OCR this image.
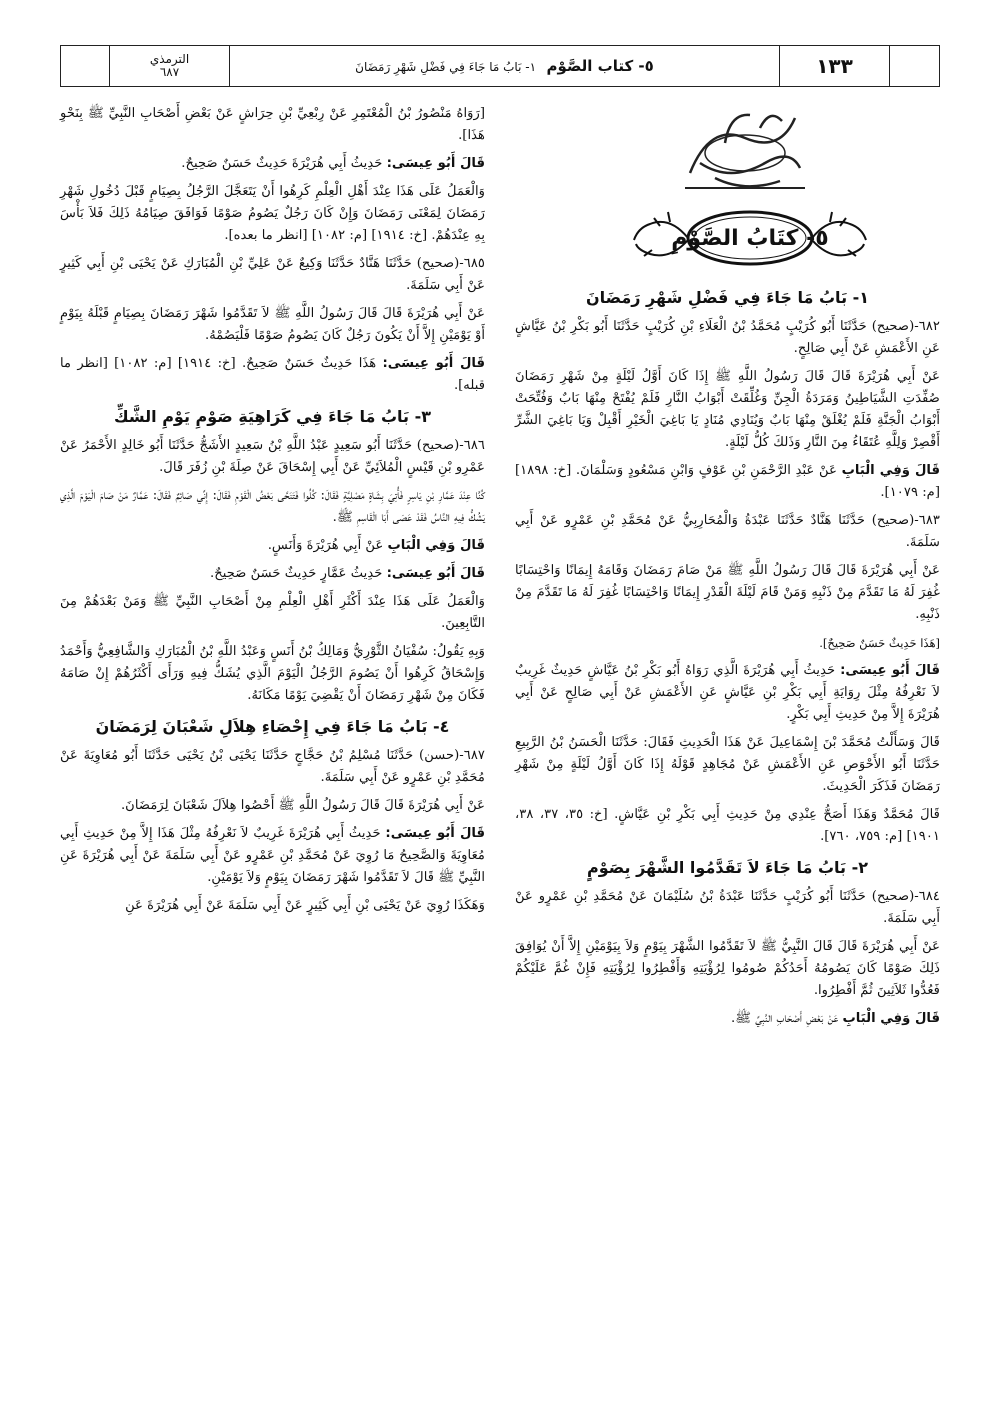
الترمذي
٦٨٧	٥- كتاب الصَّوْم  ١- بَابُ مَا جَاءَ فِي فَضْلِ شَهْرِ رَمَضَانَ	١٣٣
٥- كتَابُ الصَّوْمِ
١- بَابُ مَا جَاءَ فِي فَضْلِ شَهْرِ رَمَضَانَ

٦٨٢-(صحيح) حَدَّثَنَا أَبُو كُرَيْبٍ مُحَمَّدُ بْنُ الْعَلَاءِ بْنِ كُرَيْبٍ حَدَّثَنَا أَبُو بَكْرِ بْنُ عَيَّاشٍ عَنِ الأَعْمَشِ عَنْ أَبِي صَالِحٍ.

عَنْ أَبِي هُرَيْرَةَ قَالَ قَالَ رَسُولُ اللَّهِ ﷺ إِذَا كَانَ أَوَّلُ لَيْلَةٍ مِنْ شَهْرِ رَمَضَانَ صُفِّدَتِ الشَّيَاطِينُ وَمَرَدَةُ الْجِنِّ وَغُلِّقَتْ أَبْوَابُ النَّارِ فَلَمْ يُفْتَحْ مِنْهَا بَابٌ وَفُتِّحَتْ أَبْوَابُ الْجَنَّةِ فَلَمْ يُغْلَقْ مِنْهَا بَابٌ وَيُنَادِي مُنَادٍ يَا بَاغِيَ الْخَيْرِ أَقْبِلْ وَيَا بَاغِيَ الشَّرِّ أَقْصِرْ وَلِلَّهِ عُتَقَاءُ مِنَ النَّارِ وَذَلكَ كُلُّ لَيْلَةٍ.

قَالَ وَفِي الْبَابِ عَنْ عَبْدِ الرَّحْمَنِ بْنِ عَوْفٍ وَابْنِ مَسْعُودٍ وَسَلْمَانَ. [خ: ١٨٩٨] [م: ١٠٧٩].

٦٨٣-(صحيح) حَدَّثَنَا هَنَّادٌ حَدَّثَنَا عَبْدَةُ وَالْمُحَارِبِيُّ عَنْ مُحَمَّدِ بْنِ عَمْرٍو عَنْ أَبِي سَلَمَةَ.

عَنْ أَبِي هُرَيْرَةَ قَالَ قَالَ رَسُولُ اللَّهِ ﷺ مَنْ صَامَ رَمَضَانَ وَقَامَهُ إِيمَانًا وَاحْتِسَابًا غُفِرَ لَهُ مَا تَقَدَّمَ مِنْ ذَنْبِهِ وَمَنْ قَامَ لَيْلَةَ الْقَدْرِ إِيمَانًا وَاحْتِسَابًا غُفِرَ لَهُ مَا تَقَدَّمَ مِنْ ذَنْبِهِ.

[هَذَا حَدِيثٌ حَسَنٌ صَحِيحٌ].

قَالَ أَبُو عِيسَى: حَدِيثُ أَبِي هُرَيْرَةَ الَّذِي رَوَاهُ أَبُو بَكْرِ بْنُ عَيَّاشٍ حَدِيثٌ غَرِيبٌ لاَ نَعْرِفُهُ مِثْلَ رِوَايَةِ أَبِي بَكْرِ بْنِ عَيَّاشٍ عَنِ الأَعْمَشِ عَنْ أَبِي صَالِحٍ عَنْ أَبِي هُرَيْرَةَ إِلاَّ مِنْ حَدِيثِ أَبِي بَكْرٍ.

قَالَ وَسَأَلْتُ مُحَمَّدَ بْنَ إِسْمَاعِيلَ عَنْ هَذَا الْحَدِيثِ فَقَالَ: حَدَّثَنَا الْحَسَنُ بْنُ الرَّبِيعِ حَدَّثَنَا أَبُو الأَحْوَصِ عَنِ الأَعْمَشِ عَنْ مُجَاهِدٍ قَوْلَهُ إِذَا كَانَ أَوَّلُ لَيْلَةٍ مِنْ شَهْرِ رَمَضَانَ فَذَكَرَ الْحَدِيثَ.

قَالَ مُحَمَّدٌ وَهَذَا أَصَحُّ عِنْدِي مِنْ حَدِيثِ أَبِي بَكْرِ بْنِ عَيَّاشٍ. [خ: ٣٥، ٣٧، ٣٨، ١٩٠١] [م: ٧٥٩، ٧٦٠].

٢- بَابُ مَا جَاءَ لاَ تَقَدَّمُوا الشَّهْرَ بِصَوْمٍ

٦٨٤-(صحيح) حَدَّثَنَا أَبُو كُرَيْبٍ حَدَّثَنَا عَبْدَةُ بْنُ سُلَيْمَانَ عَنْ مُحَمَّدِ بْنِ عَمْرٍو عَنْ أَبِي سَلَمَةَ.

عَنْ أَبِي هُرَيْرَةَ قَالَ قَالَ النَّبِيُّ ﷺ لاَ تَقَدَّمُوا الشَّهْرَ بِيَوْمٍ وَلاَ بِيَوْمَيْنِ إِلاَّ أَنْ يُوَافِقَ ذَلِكَ صَوْمًا كَانَ يَصُومُهُ أَحَدُكُمْ صُومُوا لِرُؤْيَتِهِ وَأَفْطِرُوا لِرُؤْيَتِهِ فَإِنْ غُمَّ عَلَيْكُمْ فَعُدُّوا ثَلاَثِينَ ثُمَّ أَفْطِرُوا.

قَالَ وَفِي الْبَابِ عَنْ بَعْضِ أَصْحَابِ النَّبِيِّ ﷺ.

[رَوَاهُ مَنْصُورُ بْنُ الْمُعْتَمِرِ عَنْ رِبْعِيِّ بْنِ حِرَاشٍ عَنْ بَعْضِ أَصْحَابِ النَّبِيِّ ﷺ بِنَحْوِ هَذَا].

قَالَ أَبُو عِيسَى: حَدِيثُ أَبِي هُرَيْرَةَ حَدِيثٌ حَسَنٌ صَحِيحٌ.

وَالْعَمَلُ عَلَى هَذَا عِنْدَ أَهْلِ الْعِلْمِ كَرِهُوا أَنْ يَتَعَجَّلَ الرَّجُلُ بِصِيَامٍ قَبْلَ دُخُولِ شَهْرِ رَمَضَانَ لِمَعْنَى رَمَضَانَ وَإِنْ كَانَ رَجُلٌ يَصُومُ صَوْمًا فَوَافَقَ صِيَامُهُ ذَلِكَ فَلاَ بَأْسَ بِهِ عِنْدَهُمْ. [خ: ١٩١٤] [م: ١٠٨٢] [انظر ما بعده].

٦٨٥-(صحيح) حَدَّثَنَا هَنَّادٌ حَدَّثَنَا وَكِيعٌ عَنْ عَلِيِّ بْنِ الْمُبَارَكِ عَنْ يَحْيَى بْنِ أَبِي كَثِيرٍ عَنْ أَبِي سَلَمَةَ.

عَنْ أَبِي هُرَيْرَةَ قَالَ قَالَ رَسُولُ اللَّهِ ﷺ لاَ تَقَدَّمُوا شَهْرَ رَمَضَانَ بِصِيَامٍ قَبْلَهُ بِيَوْمٍ أَوْ يَوْمَيْنِ إِلاَّ أَنْ يَكُونَ رَجُلٌ كَانَ يَصُومُ صَوْمًا فَلْيَصُمْهُ.

قَالَ أَبُو عِيسَى: هَذَا حَدِيثٌ حَسَنٌ صَحِيحٌ. [خ: ١٩١٤] [م: ١٠٨٢] [انظر ما قبله].

٣- بَابُ مَا جَاءَ فِي كَرَاهِيَةِ صَوْمِ يَوْمِ الشَّكِّ

٦٨٦-(صحيح) حَدَّثَنَا أَبُو سَعِيدٍ عَبْدُ اللَّهِ بْنُ سَعِيدٍ الأَشَجُّ حَدَّثَنَا أَبُو خَالِدٍ الأَحْمَرُ عَنْ عَمْرِو بْنِ قَيْسٍ الْمُلاَئِيِّ عَنْ أَبِي إِسْحَاقَ عَنْ صِلَةَ بْنِ زُفَرَ قَالَ.

كُنَّا عِنْدَ عَمَّارِ بْنِ يَاسِرٍ فَأُتِيَ بِشَاةٍ مَصْلِيَّةٍ فَقَالَ: كُلُوا فَتَنَحَّى بَعْضُ الْقَوْمِ فَقَالَ: إِنِّي صَائِمٌ فَقَالَ: عَمَّارٌ مَنْ صَامَ الْيَوْمَ الَّذِي يَشُكُّ فِيهِ النَّاسُ فَقَدْ عَصَى أَبَا الْقَاسِمِ ﷺ.

قَالَ وَفِي الْبَابِ عَنْ أَبِي هُرَيْرَةَ وَأَنَسٍ.

قَالَ أَبُو عِيسَى: حَدِيثُ عَمَّارٍ حَدِيثٌ حَسَنٌ صَحِيحٌ.

وَالْعَمَلُ عَلَى هَذَا عِنْدَ أَكْثَرِ أَهْلِ الْعِلْمِ مِنْ أَصْحَابِ النَّبِيِّ ﷺ وَمَنْ بَعْدَهُمْ مِنَ التَّابِعِينَ.

وَبِهِ يَقُولُ: سُفْيَانُ الثَّوْرِيُّ وَمَالِكُ بْنُ أَنَسٍ وَعَبْدُ اللَّهِ بْنُ الْمُبَارَكِ وَالشَّافِعِيُّ وَأَحْمَدُ وَإِسْحَاقُ كَرِهُوا أَنْ يَصُومَ الرَّجُلُ الْيَوْمَ الَّذِي يُشَكُّ فِيهِ وَرَأَى أَكْثَرُهُمْ إِنْ صَامَهُ فَكَانَ مِنْ شَهْرِ رَمَضَانَ أَنْ يَقْضِيَ يَوْمًا مَكَانَهُ.

٤- بَابُ مَا جَاءَ فِي إِحْصَاءِ هِلاَلِ شَعْبَانَ لِرَمَضَانَ

٦٨٧-(حسن) حَدَّثَنَا مُسْلِمُ بْنُ حَجَّاجٍ حَدَّثَنَا يَحْيَى بْنُ يَحْيَى حَدَّثَنَا أَبُو مُعَاوِيَةَ عَنْ مُحَمَّدِ بْنِ عَمْرٍو عَنْ أَبِي سَلَمَةَ.

عَنْ أَبِي هُرَيْرَةَ قَالَ قَالَ رَسُولُ اللَّهِ ﷺ أَحْصُوا هِلاَلَ شَعْبَانَ لِرَمَضَانَ.

قَالَ أَبُو عِيسَى: حَدِيثُ أَبِي هُرَيْرَةَ غَرِيبٌ لاَ نَعْرِفُهُ مِثْلَ هَذَا إِلاَّ مِنْ حَدِيثِ أَبِي مُعَاوِيَةَ وَالصَّحِيحُ مَا رُوِيَ عَنْ مُحَمَّدِ بْنِ عَمْرٍو عَنْ أَبِي سَلَمَةَ عَنْ أَبِي هُرَيْرَةَ عَنِ النَّبِيِّ ﷺ قَالَ لاَ تَقَدَّمُوا شَهْرَ رَمَضَانَ بِيَوْمٍ وَلاَ يَوْمَيْنِ.

وَهَكَذَا رُوِيَ عَنْ يَحْيَى بْنِ أَبِي كَثِيرٍ عَنْ أَبِي سَلَمَةَ عَنْ أَبِي هُرَيْرَةَ عَنِ
